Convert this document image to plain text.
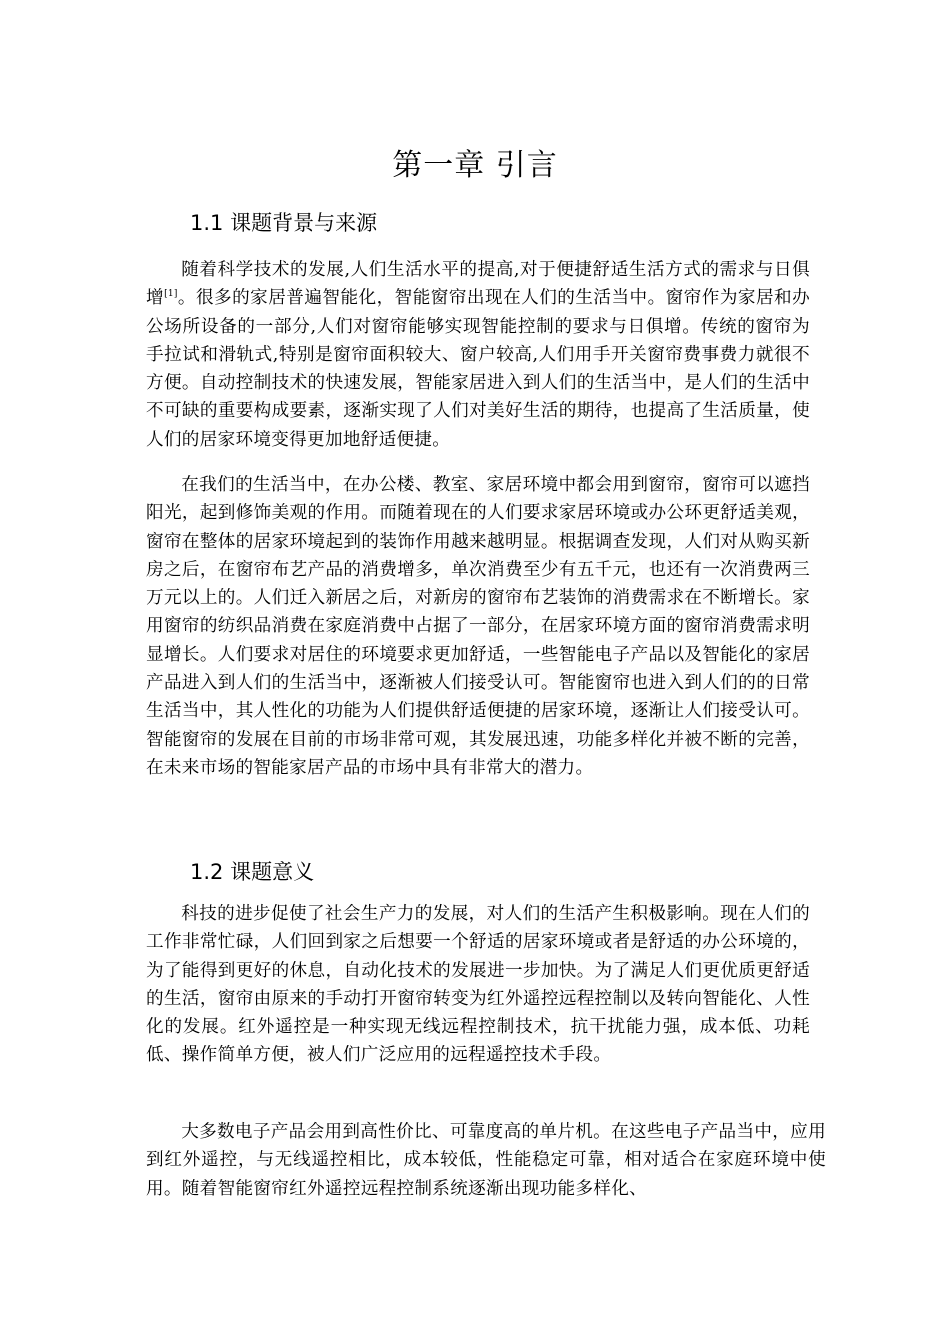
第一章 引言
1.1 课题背景与来源

随着科学技术的发展,人们生活水平的提高,对于便捷舒适生活方式的需求与日俱增[1]。很多的家居普遍智能化，智能窗帘出现在人们的生活当中。窗帘作为家居和办公场所设备的一部分,人们对窗帘能够实现智能控制的要求与日俱增。传统的窗帘为手拉试和滑轨式,特别是窗帘面积较大、窗户较高,人们用手开关窗帘费事费力就很不方便。自动控制技术的快速发展，智能家居进入到人们的生活当中，是人们的生活中不可缺的重要构成要素，逐渐实现了人们对美好生活的期待，也提高了生活质量，使人们的居家环境变得更加地舒适便捷。

在我们的生活当中，在办公楼、教室、家居环境中都会用到窗帘，窗帘可以遮挡阳光，起到修饰美观的作用。而随着现在的人们要求家居环境或办公环更舒适美观，窗帘在整体的居家环境起到的装饰作用越来越明显。根据调查发现，人们对从购买新房之后，在窗帘布艺产品的消费增多，单次消费至少有五千元，也还有一次消费两三万元以上的。人们迁入新居之后，对新房的窗帘布艺装饰的消费需求在不断增长。家用窗帘的纺织品消费在家庭消费中占据了一部分，在居家环境方面的窗帘消费需求明显增长。人们要求对居住的环境要求更加舒适，一些智能电子产品以及智能化的家居产品进入到人们的生活当中，逐渐被人们接受认可。智能窗帘也进入到人们的的日常生活当中，其人性化的功能为人们提供舒适便捷的居家环境，逐渐让人们接受认可。智能窗帘的发展在目前的市场非常可观，其发展迅速，功能多样化并被不断的完善，在未来市场的智能家居产品的市场中具有非常大的潜力。

1.2 课题意义

科技的进步促使了社会生产力的发展，对人们的生活产生积极影响。现在人们的工作非常忙碌，人们回到家之后想要一个舒适的居家环境或者是舒适的办公环境的，为了能得到更好的休息，自动化技术的发展进一步加快。为了满足人们更优质更舒适的生活，窗帘由原来的手动打开窗帘转变为红外遥控远程控制以及转向智能化、人性化的发展。红外遥控是一种实现无线远程控制技术，抗干扰能力强，成本低、功耗低、操作简单方便，被人们广泛应用的远程遥控技术手段。

大多数电子产品会用到高性价比、可靠度高的单片机。在这些电子产品当中，应用到红外遥控，与无线遥控相比，成本较低，性能稳定可靠，相对适合在家庭环境中使用。随着智能窗帘红外遥控远程控制系统逐渐出现功能多样化、
